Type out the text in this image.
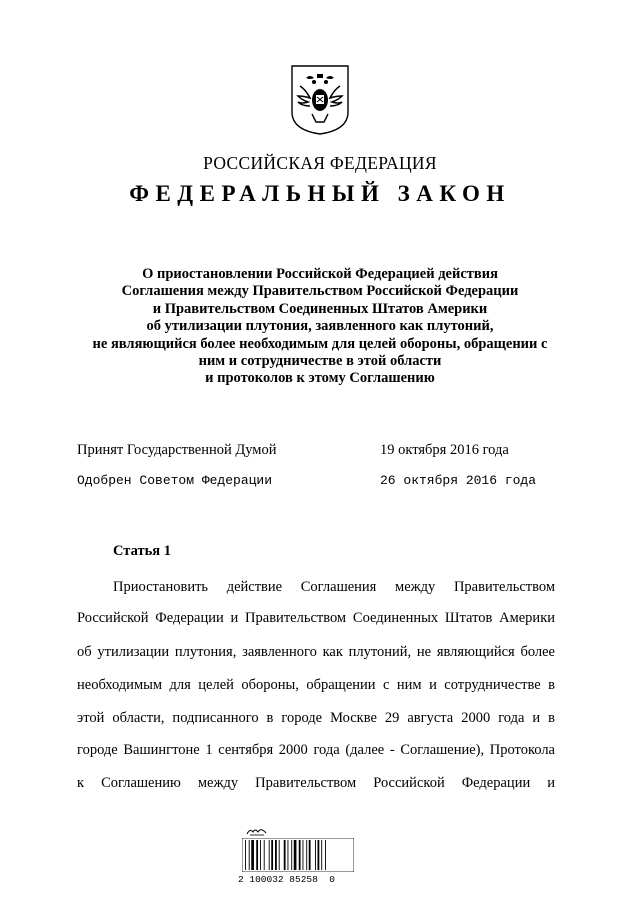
РОССИЙСКАЯ ФЕДЕРАЦИЯ
ФЕДЕРАЛЬНЫЙ ЗАКОН
О приостановлении Российской Федерацией действия
Соглашения между Правительством Российской Федерации
и Правительством Соединенных Штатов Америки
об утилизации плутония, заявленного как плутоний,
не являющийся более необходимым для целей обороны, обращении с
ним и сотрудничестве в этой области
и протоколов к этому Соглашению
Принят Государственной Думой	19 октября 2016 года
Одобрен Советом Федерации	26 октября 2016 года
Статья 1
Приостановить действие Соглашения между Правительством
Российской Федерации и Правительством Соединенных Штатов Америки
об утилизации плутония, заявленного как плутоний, не являющийся более
необходимым для целей обороны, обращении с ним и сотрудничестве в
этой области, подписанного в городе Москве 29 августа 2000 года и в
городе Вашингтоне 1 сентября 2000 года (далее - Соглашение), Протокола
к Соглашению между Правительством Российской Федерации и
2 100032 85258  0
